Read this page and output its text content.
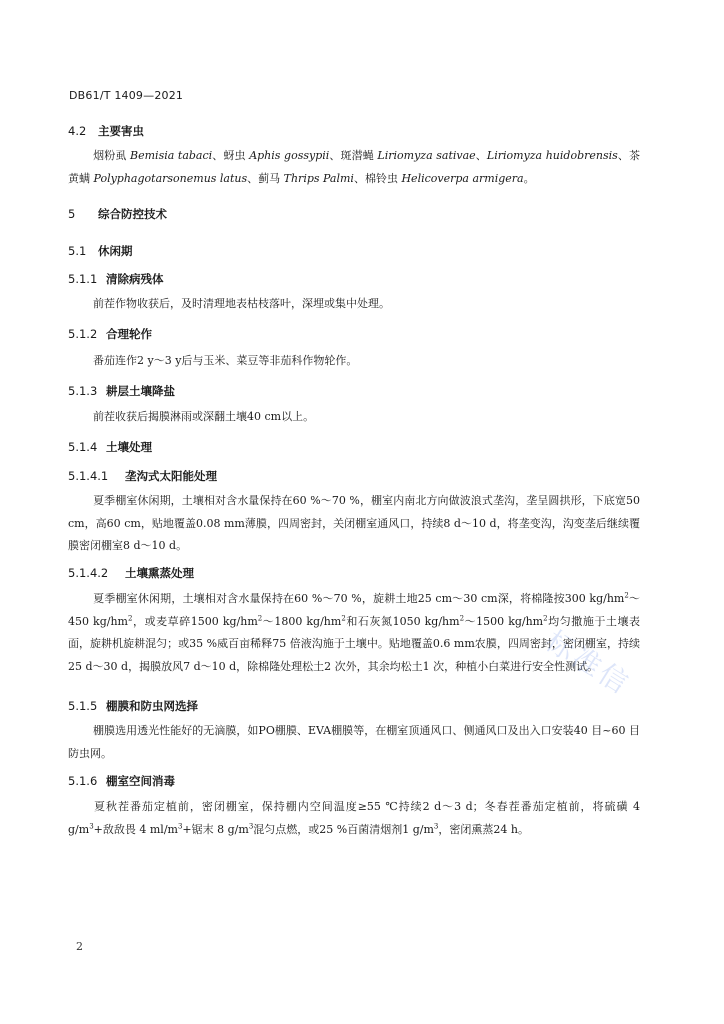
DB61/T 1409—2021
4.2 主要害虫
烟粉虱 Bemisia tabaci、蚜虫 Aphis gossypii、斑潜蝇 Liriomyza sativae、Liriomyza huidobrensis、茶黄螨 Polyphagotarsonemus latus、蓟马 Thrips Palmi、棉铃虫 Helicoverpa armigera。
5 综合防控技术
5.1 休闲期
5.1.1 清除病残体
前茬作物收获后，及时清理地表枯枝落叶，深埋或集中处理。
5.1.2 合理轮作
番茄连作2 y～3 y后与玉米、菜豆等非茄科作物轮作。
5.1.3 耕层土壤降盐
前茬收获后揭膜淋雨或深翻土壤40 cm以上。
5.1.4 土壤处理
5.1.4.1 垄沟式太阳能处理
夏季棚室休闲期，土壤相对含水量保持在60 %～70 %，棚室内南北方向做波浪式垄沟，垄呈圆拱形，下底宽50 cm，高60 cm，贴地覆盖0.08 mm薄膜，四周密封，关闭棚室通风口，持续8 d～10 d，将垄变沟，沟变垄后继续覆膜密闭棚室8 d～10 d。
5.1.4.2 土壤熏蒸处理
夏季棚室休闲期，土壤相对含水量保持在60 %～70 %，旋耕土地25 cm～30 cm深，将棉隆按300 $kg/hm^2\sim 450$ $kg/hm^2$，或麦草碎1500 $kg/hm^2\sim 1800$ $kg/hm^2$和石灰氮1050 $kg/hm^2\sim 1500$ $kg/hm^2$均匀撒施于土壤表面，旋耕机旋耕混匀；或35 %威百亩稀释75 倍液沟施于土壤中。贴地覆盖0.6 mm农膜，四周密封，密闭棚室，持续25 d～30 d，揭膜放风7 d～10 d，除棉隆处理松土2 次外，其余均松土1 次，种植小白菜进行安全性测试。
5.1.5 棚膜和防虫网选择
棚膜选用透光性能好的无滴膜，如PO棚膜、EVA棚膜等，在棚室顶通风口、侧通风口及出入口安装40 目~60 目防虫网。
5.1.6 棚室空间消毒
夏秋茬番茄定植前，密闭棚室，保持棚内空间温度≥55 ℃持续2 d～3 d；冬春茬番茄定植前，将硫磺 4 $g/m^3+$敌敌畏 4 $ml/m^3+$锯末 8 $g/m^3$混匀点燃，或25 %百菌清烟剂1 $g/m^3$，密闭熏蒸24 h。
2
标准信
